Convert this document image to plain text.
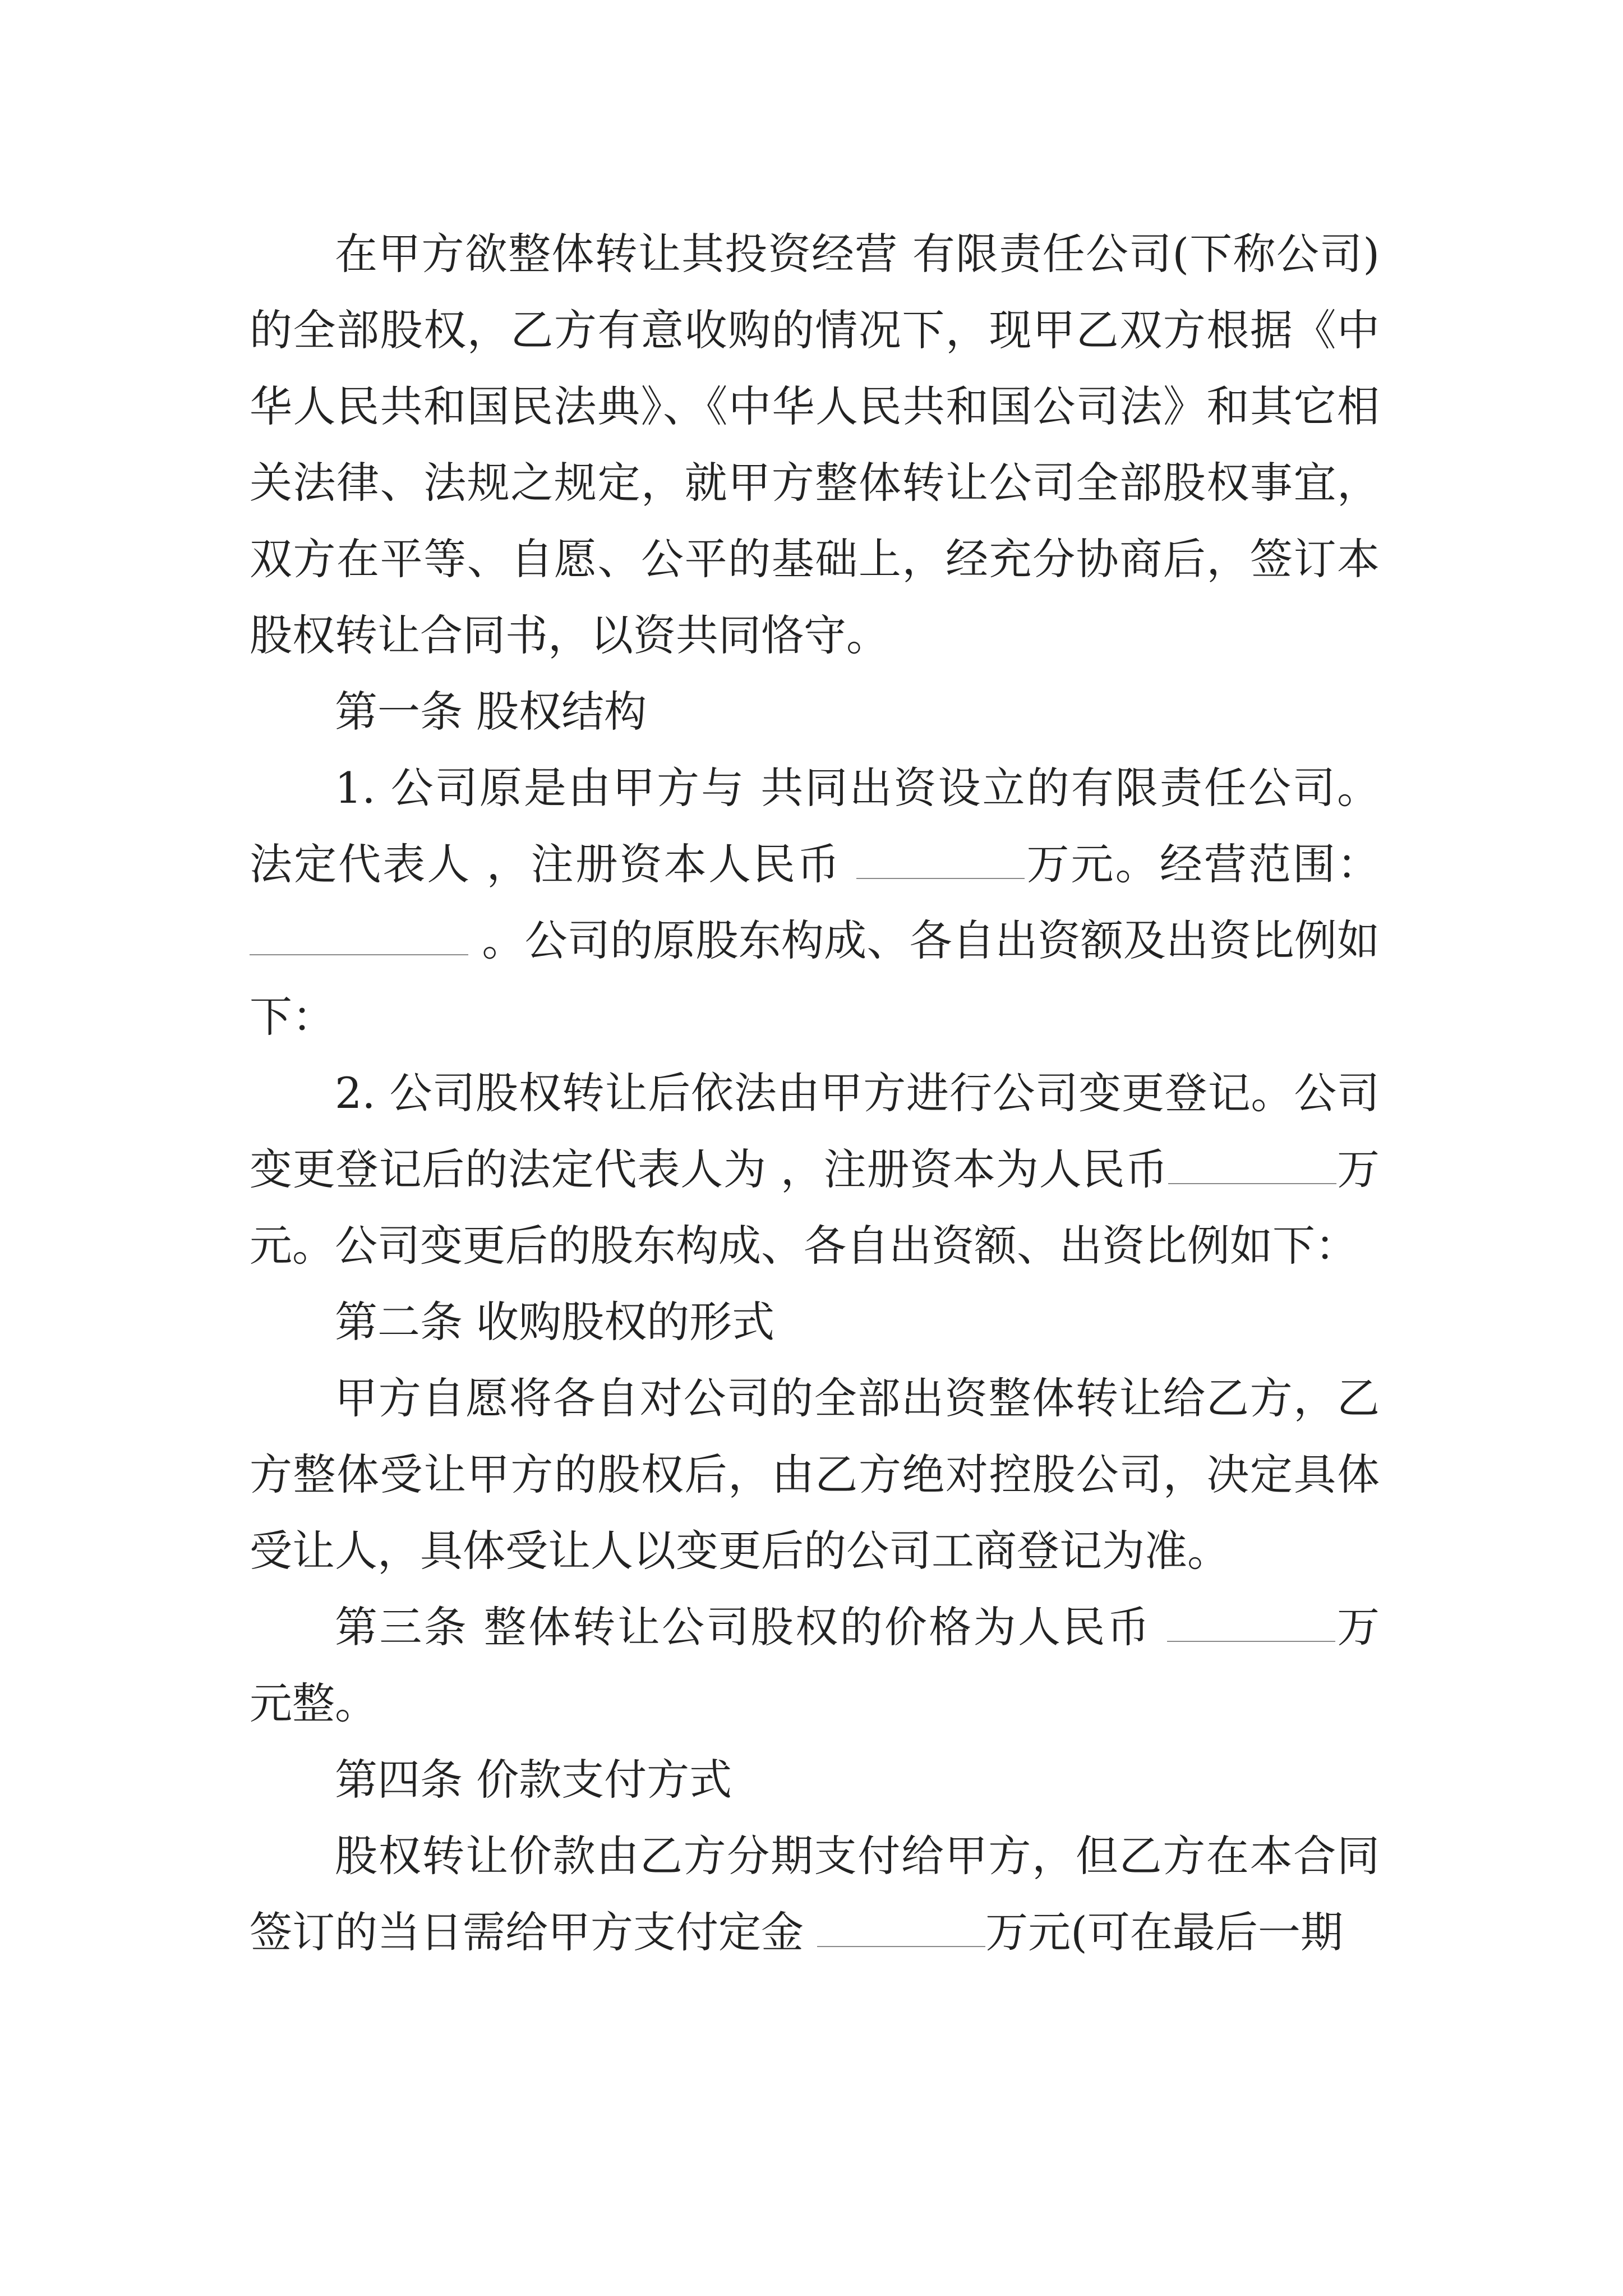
在甲方欲整体转让其投资经营 有限责任公司(下称公司)的全部股权，乙方有意收购的情况下，现甲乙双方根据《中华人民共和国民法典》、《中华人民共和国公司法》和其它相关法律、法规之规定，就甲方整体转让公司全部股权事宜，双方在平等、自愿、公平的基础上，经充分协商后，签订本股权转让合同书，以资共同恪守。

第一条 股权结构

1. 公司原是由甲方与 共同出资设立的有限责任公司。法定代表人 ，注册资本人民币	万元。经营范围： 。公司的原股东构成、各自出资额及出资比例如下：

2. 公司股权转让后依法由甲方进行公司变更登记。公司变更登记后的法定代表人为 ，注册资本为人民币	万元。公司变更后的股东构成、各自出资额、出资比例如下：

第二条 收购股权的形式

甲方自愿将各自对公司的全部出资整体转让给乙方，乙方整体受让甲方的股权后，由乙方绝对控股公司，决定具体受让人，具体受让人以变更后的公司工商登记为准。

第三条 整体转让公司股权的价格为人民币	万元整。

第四条 价款支付方式

股权转让价款由乙方分期支付给甲方，但乙方在本合同签订的当日需给甲方支付定金	万元(可在最后一期
